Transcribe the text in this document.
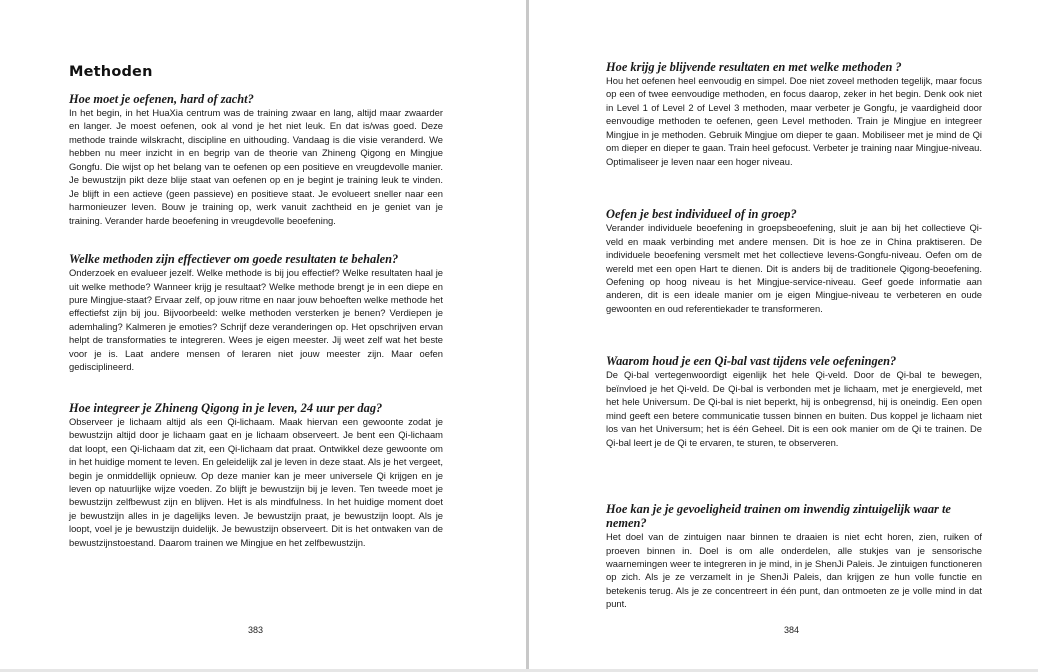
Methoden
Hoe moet je oefenen, hard of zacht?

In het begin, in het HuaXia centrum was de training zwaar en lang, altijd maar zwaarder en langer. Je moest oefenen, ook al vond je het niet leuk. En dat is/was goed. Deze methode trainde wilskracht, discipline en uithouding. Vandaag is die visie veranderd. We hebben nu meer inzicht in en begrip van de theorie van Zhineng Qigong en Mingjue Gongfu. Die wijst op het belang van te oefenen op een positieve en vreugdevolle manier. Je bewustzijn pikt deze blije staat van oefenen op en je begint je training leuk te vinden. Je blijft in een actieve (geen passieve) en positieve staat. Je evolueert sneller naar een harmonieuzer leven. Bouw je training op, werk vanuit zachtheid en je geniet van je training. Verander harde beoefening in vreugdevolle beoefening.

Welke methoden zijn effectiever om goede resultaten te behalen?

Onderzoek en evalueer jezelf. Welke methode is bij jou effectief? Welke resultaten haal je uit welke methode? Wanneer krijg je resultaat? Welke methode brengt je in een diepe en pure Mingjue-staat? Ervaar zelf, op jouw ritme en naar jouw behoeften welke methode het effectiefst zijn bij jou. Bijvoorbeeld: welke methoden versterken je benen? Verdiepen je ademhaling? Kalmeren je emoties? Schrijf deze veranderingen op. Het opschrijven ervan helpt de transformaties te integreren. Wees je eigen meester. Jij weet zelf wat het beste voor je is. Laat andere mensen of leraren niet jouw meester zijn. Maar oefen gedisciplineerd.

Hoe integreer je Zhineng Qigong in je leven, 24 uur per dag?

Observeer je lichaam altijd als een Qi-lichaam. Maak hiervan een gewoonte zodat je bewustzijn altijd door je lichaam gaat en je lichaam observeert. Je bent een Qi-lichaam dat loopt, een Qi-lichaam dat zit, een Qi-lichaam dat praat. Ontwikkel deze gewoonte om in het huidige moment te leven. En geleidelijk zal je leven in deze staat. Als je het vergeet, begin je onmiddellijk opnieuw. Op deze manier kan je meer universele Qi krijgen en je leven op natuurlijke wijze voeden. Zo blijft je bewustzijn bij je leven. Ten tweede moet je bewustzijn zelfbewust zijn en blijven. Het is als mindfulness. In het huidige moment doet je bewustzijn alles in je dagelijks leven. Je bewustzijn praat, je bewustzijn loopt. Als je loopt, voel je je bewustzijn duidelijk. Je bewustzijn observeert. Dit is het ontwaken van de bewustzijnstoestand. Daarom trainen we Mingjue en het zelfbewustzijn.

383
Hoe krijg je blijvende resultaten en met welke methoden ?

Hou het oefenen heel eenvoudig en simpel. Doe niet zoveel methoden tegelijk, maar focus op een of twee eenvoudige methoden, en focus daarop, zeker in het begin. Denk ook niet in Level 1 of Level 2 of Level 3 methoden, maar verbeter je Gongfu, je vaardigheid door eenvoudige methoden te oefenen, geen Level methoden. Train je Mingjue en integreer Mingjue in je methoden. Gebruik Mingjue om dieper te gaan. Mobiliseer met je mind de Qi om dieper en dieper te gaan. Train heel gefocust. Verbeter je training naar Mingjue-niveau. Optimaliseer je leven naar een hoger niveau.

Oefen je best individueel of in groep?

Verander individuele beoefening in groepsbeoefening, sluit je aan bij het collectieve Qi-veld en maak verbinding met andere mensen. Dit is hoe ze in China praktiseren. De individuele beoefening versmelt met het collectieve levens-Gongfu-niveau. Oefen om de wereld met een open Hart te dienen. Dit is anders bij de traditionele Qigong-beoefening. Oefening op hoog niveau is het Mingjue-service-niveau. Geef goede informatie aan anderen, dit is een ideale manier om je eigen Mingjue-niveau te verbeteren en oude gewoonten en oud referentiekader te transformeren.

Waarom houd je een Qi-bal vast tijdens vele oefeningen?

De Qi-bal vertegenwoordigt eigenlijk het hele Qi-veld. Door de Qi-bal te bewegen, beïnvloed je het Qi-veld. De Qi-bal is verbonden met je lichaam, met je energieveld, met het hele Universum. De Qi-bal is niet beperkt, hij is onbegrensd, hij is oneindig. Een open mind geeft een betere communicatie tussen binnen en buiten. Dus koppel je lichaam niet los van het Universum; het is één Geheel. Dit is een ook manier om de Qi te trainen. De Qi-bal leert je de Qi te ervaren, te sturen, te observeren.

Hoe kan je je gevoeligheid trainen om inwendig zintuigelijk waar te nemen?

Het doel van de zintuigen naar binnen te draaien is niet echt horen, zien, ruiken of proeven binnen in. Doel is om alle onderdelen, alle stukjes van je sensorische waarnemingen weer te integreren in je mind, in je ShenJi Paleis. Je zintuigen functioneren op zich. Als je ze verzamelt in je ShenJi Paleis, dan krijgen ze hun volle functie en betekenis terug. Als je ze concentreert in één punt, dan ontmoeten ze je volle mind in dat punt.

384
